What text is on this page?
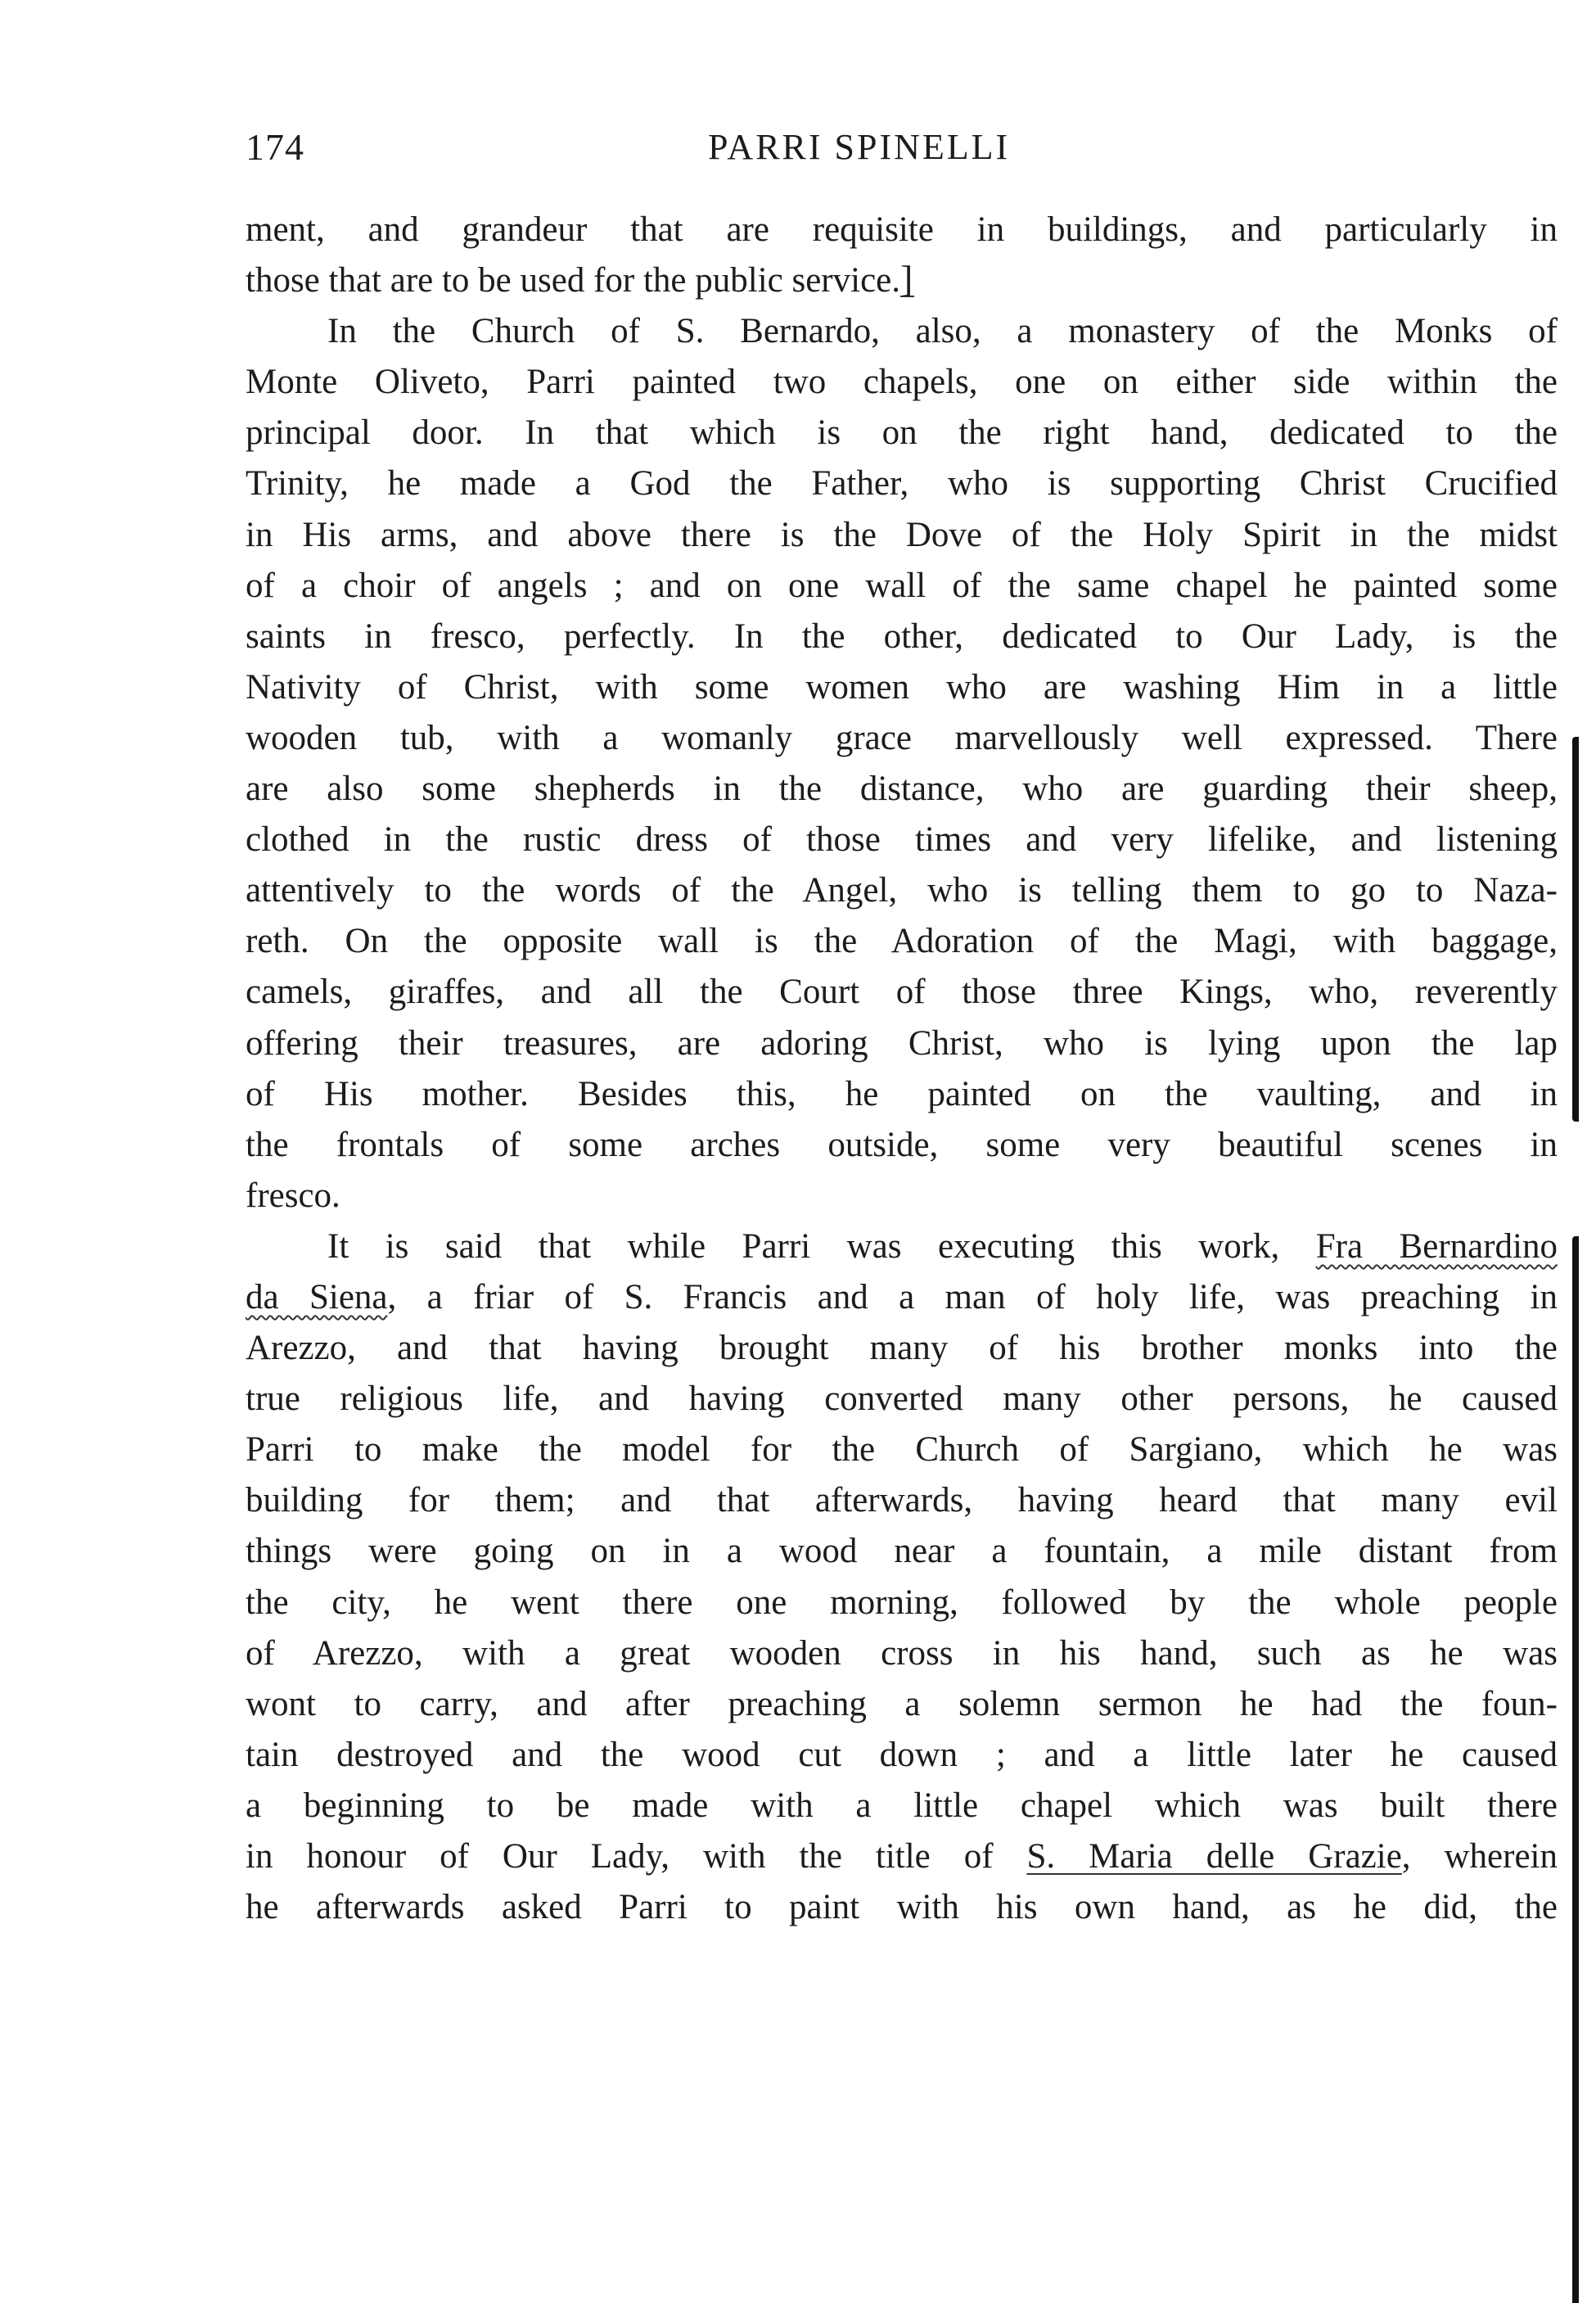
174	PARRI SPINELLI
ment, and grandeur that are requisite in buildings, and particularly in
those that are to be used for the public service.]
In the Church of S. Bernardo, also, a monastery of the Monks of
Monte Oliveto, Parri painted two chapels, one on either side within the
principal door. In that which is on the right hand, dedicated to the
Trinity, he made a God the Father, who is supporting Christ Crucified
in His arms, and above there is the Dove of the Holy Spirit in the midst
of a choir of angels ; and on one wall of the same chapel he painted some
saints in fresco, perfectly. In the other, dedicated to Our Lady, is the
Nativity of Christ, with some women who are washing Him in a little
wooden tub, with a womanly grace marvellously well expressed. There
are also some shepherds in the distance, who are guarding their sheep,
clothed in the rustic dress of those times and very lifelike, and listening
attentively to the words of the Angel, who is telling them to go to Naza-
reth. On the opposite wall is the Adoration of the Magi, with baggage,
camels, giraffes, and all the Court of those three Kings, who, reverently
offering their treasures, are adoring Christ, who is lying upon the lap
of His mother. Besides this, he painted on the vaulting, and in
the frontals of some arches outside, some very beautiful scenes in
fresco.
It is said that while Parri was executing this work, Fra Bernardino
da Siena, a friar of S. Francis and a man of holy life, was preaching in
Arezzo, and that having brought many of his brother monks into the
true religious life, and having converted many other persons, he caused
Parri to make the model for the Church of Sargiano, which he was
building for them; and that afterwards, having heard that many evil
things were going on in a wood near a fountain, a mile distant from
the city, he went there one morning, followed by the whole people
of Arezzo, with a great wooden cross in his hand, such as he was
wont to carry, and after preaching a solemn sermon he had the foun-
tain destroyed and the wood cut down ; and a little later he caused
a beginning to be made with a little chapel which was built there
in honour of Our Lady, with the title of S. Maria delle Grazie, wherein
he afterwards asked Parri to paint with his own hand, as he did, the
